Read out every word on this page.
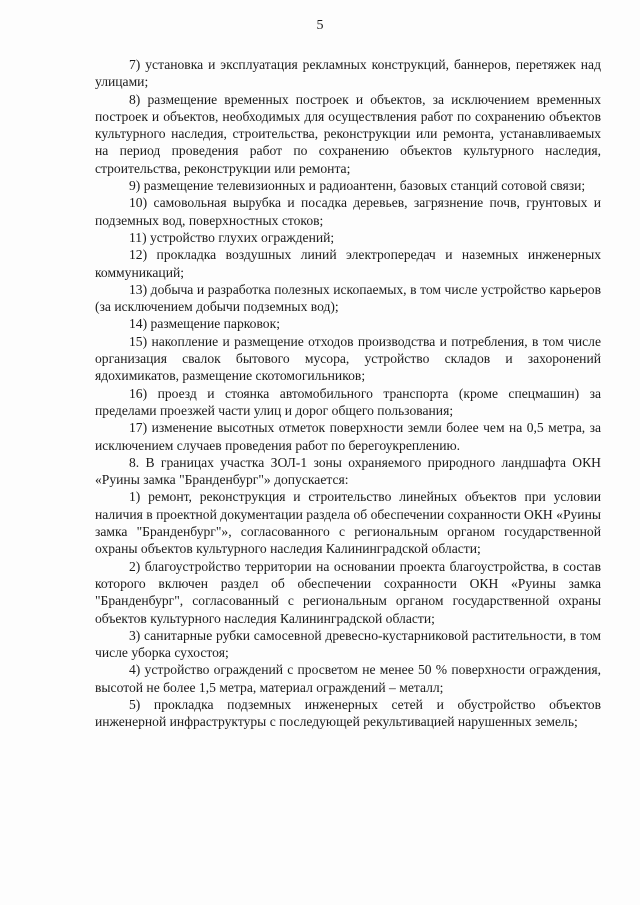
5

7) установка и эксплуатация рекламных конструкций, баннеров, перетяжек над улицами;

8) размещение временных построек и объектов, за исключением временных построек и объектов, необходимых для осуществления работ по сохранению объектов культурного наследия, строительства, реконструкции или ремонта, устанавливаемых на период проведения работ по сохранению объектов культурного наследия, строительства, реконструкции или ремонта;

9) размещение телевизионных и радиоантенн, базовых станций сотовой связи;

10) самовольная вырубка и посадка деревьев, загрязнение почв, грунтовых и подземных вод, поверхностных стоков;

11) устройство глухих ограждений;

12) прокладка воздушных линий электропередач и наземных инженерных коммуникаций;

13) добыча и разработка полезных ископаемых, в том числе устройство карьеров (за исключением добычи подземных вод);

14) размещение парковок;

15) накопление и размещение отходов производства и потребления, в том числе организация свалок бытового мусора, устройство складов и захоронений ядохимикатов, размещение скотомогильников;

16) проезд и стоянка автомобильного транспорта (кроме спецмашин) за пределами проезжей части улиц и дорог общего пользования;

17) изменение высотных отметок поверхности земли более чем на 0,5 метра, за исключением случаев проведения работ по берегоукреплению.

8. В границах участка ЗОЛ-1 зоны охраняемого природного ландшафта ОКН «Руины замка "Бранденбург"» допускается:

1) ремонт, реконструкция и строительство линейных объектов при условии наличия в проектной документации раздела об обеспечении сохранности ОКН «Руины замка "Бранденбург"», согласованного с региональным органом государственной охраны объектов культурного наследия Калининградской области;

2) благоустройство территории на основании проекта благоустройства, в состав которого включен раздел об обеспечении сохранности ОКН «Руины замка "Бранденбург", согласованный с региональным органом государственной охраны объектов культурного наследия Калининградской области;

3) санитарные рубки самосевной древесно-кустарниковой растительности, в том числе уборка сухостоя;

4) устройство ограждений с просветом не менее 50 % поверхности ограждения, высотой не более 1,5 метра, материал ограждений – металл;

5) прокладка подземных инженерных сетей и обустройство объектов инженерной инфраструктуры с последующей рекультивацией нарушенных земель;
